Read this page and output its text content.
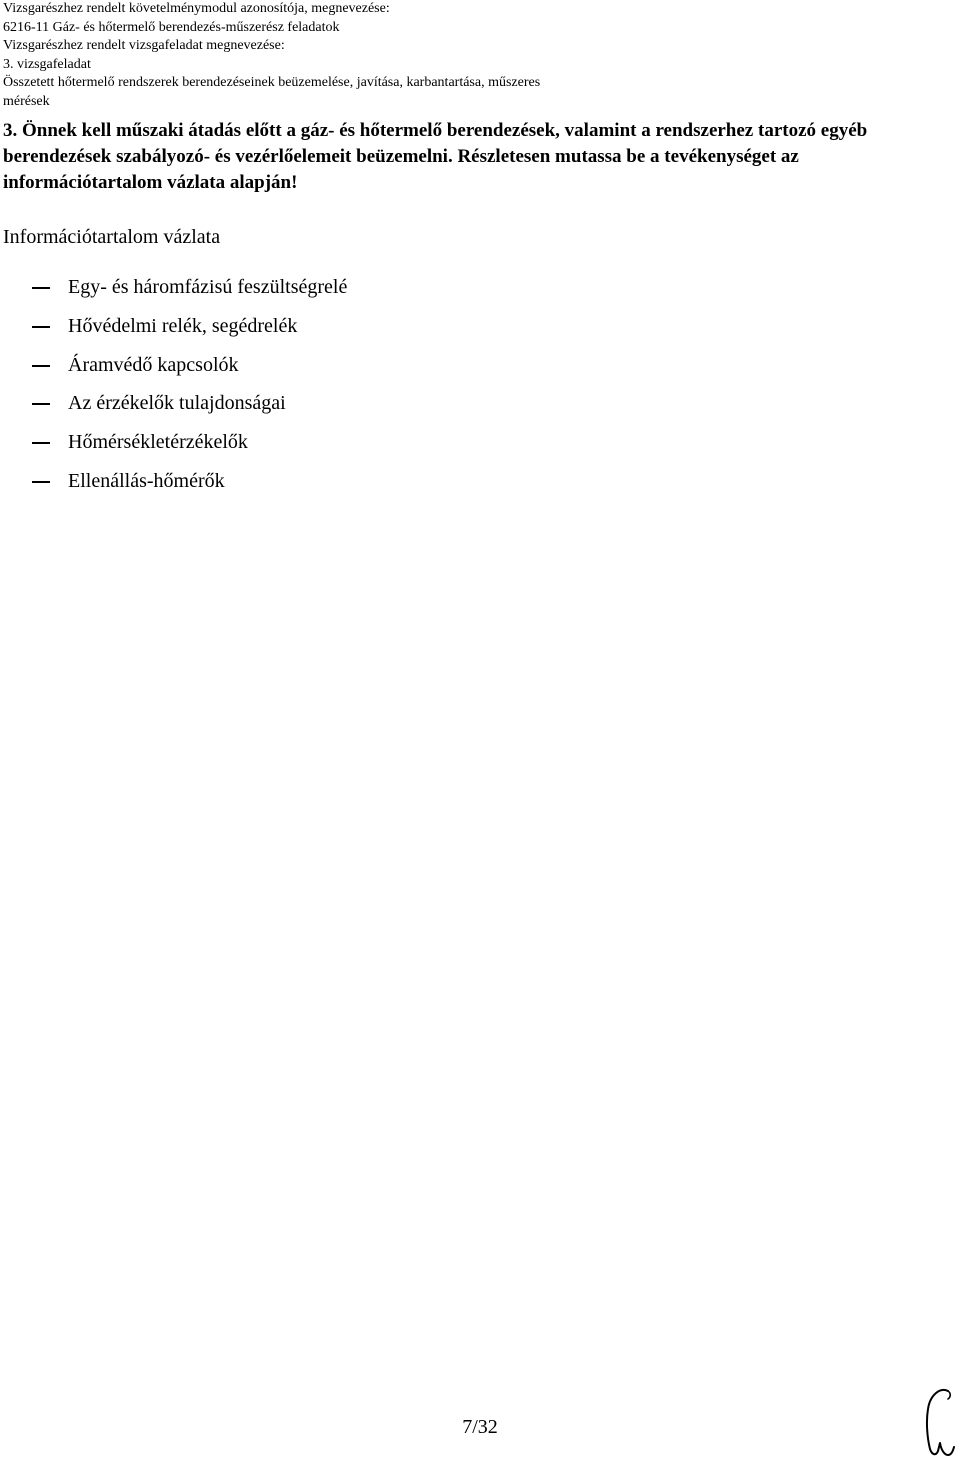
Vizsgarészhez rendelt követelménymodul azonosítója, megnevezése:
6216-11 Gáz- és hőtermelő berendezés-műszerész feladatok
Vizsgarészhez rendelt vizsgafeladat megnevezése:
3. vizsgafeladat
Összetett hőtermelő rendszerek berendezéseinek beüzemelése, javítása, karbantartása, műszeres
mérések
3. Önnek kell műszaki átadás előtt a gáz- és hőtermelő berendezések, valamint a rendszerhez tartozó egyéb berendezések szabályozó- és vezérlőelemeit beüzemelni. Részletesen mutassa be a tevékenységet az információtartalom vázlata alapján!
Információtartalom vázlata
Egy- és háromfázisú feszültségrelé
Hővédelmi relék, segédrelék
Áramvédő kapcsolók
Az érzékelők tulajdonságai
Hőmérsékletérzékelők
Ellenállás-hőmérők
7/32
